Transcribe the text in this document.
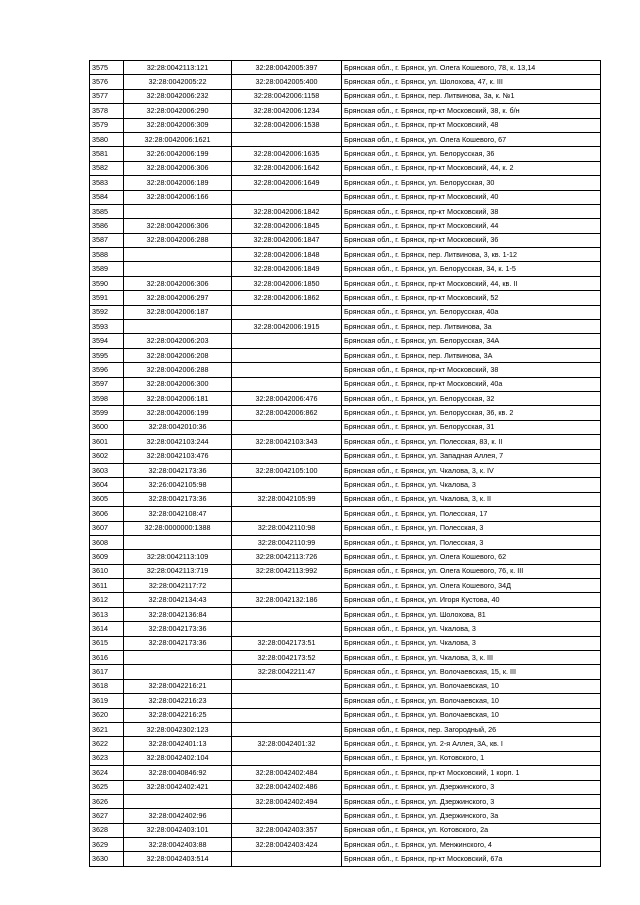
3575	32:28:0042113:121	32:28:0042005:397	Брянская обл., г. Брянск, ул. Олега Кошевого, 78, к. 13,14
3576	32:28:0042005:22	32:28:0042005:400	Брянская обл., г. Брянск, ул. Шолохова, 47, к. III
3577	32:28:0042006:232	32:28:0042006:1158	Брянская обл., г. Брянск, пер. Литвинова, 3а, к. №1
3578	32:28:0042006:290	32:28:0042006:1234	Брянская обл., г. Брянск, пр-кт Московский, 38, к. б/н
3579	32:28:0042006:309	32:28:0042006:1538	Брянская обл., г. Брянск, пр-кт Московский, 48
3580	32:28:0042006:1621		Брянская обл., г. Брянск, ул. Олега Кошевого, 67
3581	32:26:0042006:199	32:28:0042006:1635	Брянская обл., г. Брянск, ул. Белорусская, 36
3582	32:28:0042006:306	32:28:0042006:1642	Брянская обл., г. Брянск, пр-кт Московский, 44, к. 2
3583	32:28:0042006:189	32:28:0042006:1649	Брянская обл., г. Брянск, ул. Белорусская, 30
3584	32:28:0042006:166		Брянская обл., г. Брянск, пр-кт Московский, 40
3585		32:28:0042006:1842	Брянская обл., г. Брянск, пр-кт Московский, 38
3586	32:28:0042006:306	32:28:0042006:1845	Брянская обл., г. Брянск, пр-кт Московский, 44
3587	32:28:0042006:288	32:28:0042006:1847	Брянская обл., г. Брянск, пр-кт Московский, 36
3588		32:28:0042006:1848	Брянская обл., г. Брянск, пер. Литвинова, 3, кв. 1-12
3589		32:28:0042006:1849	Брянская обл., г. Брянск, ул. Белорусская, 34, к. 1-5
3590	32:28:0042006:306	32:28:0042006:1850	Брянская обл., г. Брянск, пр-кт Московский, 44, кв. II
3591	32:28:0042006:297	32:28:0042006:1862	Брянская обл., г. Брянск, пр-кт Московский, 52
3592	32:28:0042006:187		Брянская обл., г. Брянск, ул. Белорусская, 40а
3593		32:28:0042006:1915	Брянская обл., г. Брянск, пер. Литвинова, 3а
3594	32:28:0042006:203		Брянская обл., г. Брянск, ул. Белорусская, 34А
3595	32:28:0042006:208		Брянская обл., г. Брянск, пер. Литвинова, 3А
3596	32:28:0042006:288		Брянская обл., г. Брянск, пр-кт Московский, 38
3597	32:28:0042006:300		Брянская обл., г. Брянск, пр-кт Московский, 40а
3598	32:28:0042006:181	32:28:0042006:476	Брянская обл., г. Брянск, ул. Белорусская, 32
3599	32:28:0042006:199	32:28:0042006:862	Брянская обл., г. Брянск, ул. Белорусская, 36, кв. 2
3600	32:28:0042010:36		Брянская обл., г. Брянск, ул. Белорусская, 31
3601	32:28:0042103:244	32:28:0042103:343	Брянская обл., г. Брянск, ул. Полесская, 83, к. II
3602	32:28:0042103:476		Брянская обл., г. Брянск, ул. Западная Аллея, 7
3603	32:28:0042173:36	32:28:0042105:100	Брянская обл., г. Брянск, ул. Чкалова, 3, к. IV
3604	32:26:0042105:98		Брянская обл., г. Брянск, ул. Чкалова, 3
3605	32:28:0042173:36	32:28:0042105:99	Брянская обл., г. Брянск, ул. Чкалова, 3, к. II
3606	32:28:0042108:47		Брянская обл., г. Брянск, ул. Полесская, 17
3607	32:28:0000000:1388	32:28:0042110:98	Брянская обл., г. Брянск, ул. Полесская, 3
3608		32:28:0042110:99	Брянская обл., г. Брянск, ул. Полесская, 3
3609	32:28:0042113:109	32:28:0042113:726	Брянская обл., г. Брянск, ул. Олега Кошевого, 62
3610	32:28:0042113:719	32:28:0042113:992	Брянская обл., г. Брянск, ул. Олега Кошевого, 76, к. III
3611	32:28:0042117:72		Брянская обл., г. Брянск, ул. Олега Кошевого, 34Д
3612	32:28:0042134:43	32:28:0042132:186	Брянская обл., г. Брянск, ул. Игоря Кустова, 40
3613	32:28:0042136:84		Брянская обл., г. Брянск, ул. Шолохова, 81
3614	32:28:0042173:36		Брянская обл., г. Брянск, ул. Чкалова, 3
3615	32:28:0042173:36	32:28:0042173:51	Брянская обл., г. Брянск, ул. Чкалова, 3
3616		32:28:0042173:52	Брянская обл., г. Брянск, ул. Чкалова, 3, к. III
3617		32:28:0042211:47	Брянская обл., г. Брянск, ул. Волочаевская, 15, к. III
3618	32:28:0042216:21		Брянская обл., г. Брянск, ул. Волочаевская, 10
3619	32:28:0042216:23		Брянская обл., г. Брянск, ул. Волочаевская, 10
3620	32:28:0042216:25		Брянская обл., г. Брянск, ул. Волочаевская, 10
3621	32:28:0042302:123		Брянская обл., г. Брянск, пер. Загородный, 26
3622	32:28:0042401:13	32:28:0042401:32	Брянская обл., г. Брянск, ул. 2-я Аллея, 3А, кв. I
3623	32:28:0042402:104		Брянская обл., г. Брянск, ул. Котовского, 1
3624	32:28:0040846:92	32:28:0042402:484	Брянская обл., г. Брянск, пр-кт Московский, 1 корп. 1
3625	32:28:0042402:421	32:28:0042402:486	Брянская обл., г. Брянск, ул. Дзержинского, 3
3626		32:28:0042402:494	Брянская обл., г. Брянск, ул. Дзержинского, 3
3627	32:28:0042402:96		Брянская обл., г. Брянск, ул. Дзержинского, 3а
3628	32:28:0042403:101	32:28:0042403:357	Брянская обл., г. Брянск, ул. Котовского, 2а
3629	32:28:0042403:88	32:28:0042403:424	Брянская обл., г. Брянск, ул. Менжинского, 4
3630	32:28:0042403:514		Брянская обл., г. Брянск, пр-кт Московский, 67а
